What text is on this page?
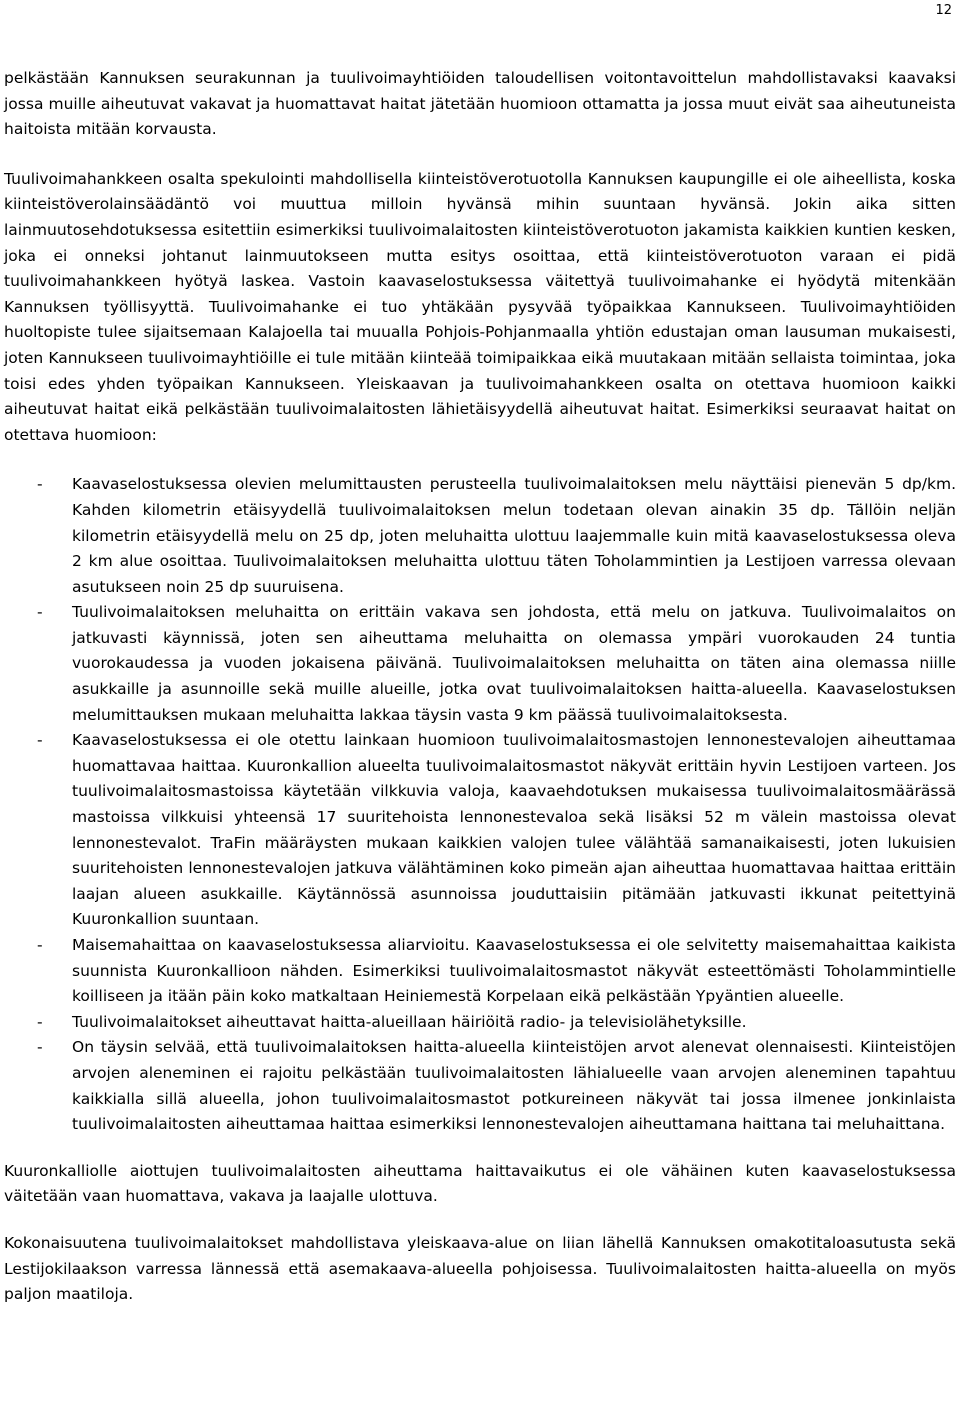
12

pelkästään Kannuksen seurakunnan ja tuulivoimayhtiöiden taloudellisen voitontavoittelun mahdollistavaksi kaavaksi jossa muille aiheutuvat vakavat ja huomattavat haitat jätetään huomioon ottamatta ja jossa muut eivät saa aiheutuneista haitoista mitään korvausta.

Tuulivoimahankkeen osalta spekulointi mahdollisella kiinteistöverotuotolla Kannuksen kaupungille ei ole aiheellista, koska kiinteistöverolainsäädäntö voi muuttua milloin hyvänsä mihin suuntaan hyvänsä. Jokin aika sitten lainmuutosehdotuksessa esitettiin esimerkiksi tuulivoimalaitosten kiinteistöverotuoton jakamista kaikkien kuntien kesken, joka ei onneksi johtanut lainmuutokseen mutta esitys osoittaa, että kiinteistöverotuoton varaan ei pidä tuulivoimahankkeen hyötyä laskea. Vastoin kaavaselostuksessa väitettyä tuulivoimahanke ei hyödytä mitenkään Kannuksen työllisyyttä. Tuulivoimahanke ei tuo yhtäkään pysyvää työpaikkaa Kannukseen. Tuulivoimayhtiöiden huoltopiste tulee sijaitsemaan Kalajoella tai muualla Pohjois-Pohjanmaalla yhtiön edustajan oman lausuman mukaisesti, joten Kannukseen tuulivoimayhtiöille ei tule mitään kiinteää toimipaikkaa eikä muutakaan mitään sellaista toimintaa, joka toisi edes yhden työpaikan Kannukseen. Yleiskaavan ja tuulivoimahankkeen osalta on otettava huomioon kaikki aiheutuvat haitat eikä pelkästään tuulivoimalaitosten lähietäisyydellä aiheutuvat haitat. Esimerkiksi seuraavat haitat on otettava huomioon:

- Kaavaselostuksessa olevien melumittausten perusteella tuulivoimalaitoksen melu näyttäisi pienevän 5 dp/km. Kahden kilometrin etäisyydellä tuulivoimalaitoksen melun todetaan olevan ainakin 35 dp. Tällöin neljän kilometrin etäisyydellä melu on 25 dp, joten meluhaitta ulottuu laajemmalle kuin mitä kaavaselostuksessa oleva 2 km alue osoittaa. Tuulivoimalaitoksen meluhaitta ulottuu täten Toholammintien ja Lestijoen varressa olevaan asutukseen noin 25 dp suuruisena.
- Tuulivoimalaitoksen meluhaitta on erittäin vakava sen johdosta, että melu on jatkuva. Tuulivoimalaitos on jatkuvasti käynnissä, joten sen aiheuttama meluhaitta on olemassa ympäri vuorokauden 24 tuntia vuorokaudessa ja vuoden jokaisena päivänä. Tuulivoimalaitoksen meluhaitta on täten aina olemassa niille asukkaille ja asunnoille sekä muille alueille, jotka ovat tuulivoimalaitoksen haitta-alueella. Kaavaselostuksen melumittauksen mukaan meluhaitta lakkaa täysin vasta 9 km päässä tuulivoimalaitoksesta.
- Kaavaselostuksessa ei ole otettu lainkaan huomioon tuulivoimalaitosmastojen lennonestevalojen aiheuttamaa huomattavaa haittaa. Kuuronkallion alueelta tuulivoimalaitosmastot näkyvät erittäin hyvin Lestijoen varteen. Jos tuulivoimalaitosmastoissa käytetään vilkkuvia valoja, kaavaehdotuksen mukaisessa tuulivoimalaitosmäärässä mastoissa vilkkuisi yhteensä 17 suuritehoista lennonestevaloa sekä lisäksi 52 m välein mastoissa olevat lennonestevalot. TraFin määräysten mukaan kaikkien valojen tulee välähtää samanaikaisesti, joten lukuisien suuritehoisten lennonestevalojen jatkuva välähtäminen koko pimeän ajan aiheuttaa huomattavaa haittaa erittäin laajan alueen asukkaille. Käytännössä asunnoissa jouduttaisiin pitämään jatkuvasti ikkunat peitettyinä Kuuronkallion suuntaan.
- Maisemahaittaa on kaavaselostuksessa aliarvioitu. Kaavaselostuksessa ei ole selvitetty maisemahaittaa kaikista suunnista Kuuronkallioon nähden. Esimerkiksi tuulivoimalaitosmastot näkyvät esteettömästi Toholammintielle koilliseen ja itään päin koko matkaltaan Heiniemestä Korpelaan eikä pelkästään Ypyäntien alueelle.
- Tuulivoimalaitokset aiheuttavat haitta-alueillaan häiriöitä radio- ja televisiolähetyksille.
- On täysin selvää, että tuulivoimalaitoksen haitta-alueella kiinteistöjen arvot alenevat olennaisesti. Kiinteistöjen arvojen aleneminen ei rajoitu pelkästään tuulivoimalaitosten lähialueelle vaan arvojen aleneminen tapahtuu kaikkialla sillä alueella, johon tuulivoimalaitosmastot potkureineen näkyvät tai jossa ilmenee jonkinlaista tuulivoimalaitosten aiheuttamaa haittaa esimerkiksi lennonestevalojen aiheuttamana haittana tai meluhaittana.

Kuuronkalliolle aiottujen tuulivoimalaitosten aiheuttama haittavaikutus ei ole vähäinen kuten kaavaselostuksessa väitetään vaan huomattava, vakava ja laajalle ulottuva.

Kokonaisuutena tuulivoimalaitokset mahdollistava yleiskaava-alue on liian lähellä Kannuksen omakotitaloasutusta sekä Lestijokilaakson varressa lännessä että asemakaava-alueella pohjoisessa. Tuulivoimalaitosten haitta-alueella on myös paljon maatiloja.
